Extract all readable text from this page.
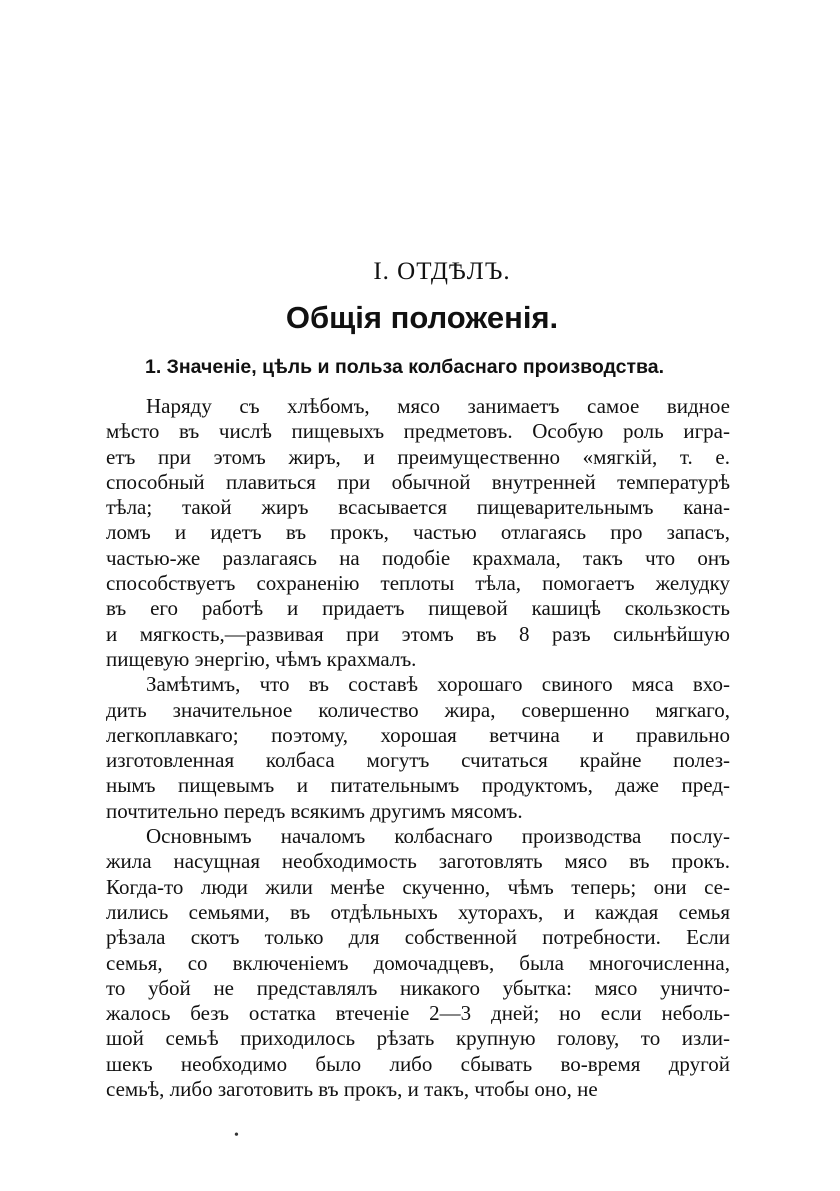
I. ОТДѢЛЪ.
Общія положенія.
1. Значеніе, цѣль и польза колбаснаго производства.
Наряду съ хлѣбомъ, мясо занимаетъ самое видное
мѣсто въ числѣ пищевыхъ предметовъ. Особую роль игра-
етъ при этомъ жиръ, и преимущественно «мягкій, т. е.
способный плавиться при обычной внутренней температурѣ
тѣла; такой жиръ всасывается пищеварительнымъ кана-
ломъ и идетъ въ прокъ, частью отлагаясь про запасъ,
частью-же разлагаясь на подобіе крахмала, такъ что онъ
способствуетъ сохраненію теплоты тѣла, помогаетъ желудку
въ его работѣ и придаетъ пищевой кашицѣ скользкость
и мягкость,—развивая при этомъ въ 8 разъ сильнѣйшую
пищевую энергію, чѣмъ крахмалъ.
Замѣтимъ, что въ составѣ хорошаго свиного мяса вхо-
дить значительное количество жира, совершенно мягкаго,
легкоплавкаго; поэтому, хорошая ветчина и правильно
изготовленная колбаса могутъ считаться крайне полез-
нымъ пищевымъ и питательнымъ продуктомъ, даже пред-
почтительно передъ всякимъ другимъ мясомъ.
Основнымъ началомъ колбаснаго производства послу-
жила насущная необходимость заготовлять мясо въ прокъ.
Когда-то люди жили менѣе скученно, чѣмъ теперь; они се-
лились семьями, въ отдѣльныхъ хуторахъ, и каждая семья
рѣзала скотъ только для собственной потребности. Если
семья, со включеніемъ домочадцевъ, была многочисленна,
то убой не представлялъ никакого убытка: мясо уничто-
жалось безъ остатка втеченіе 2—3 дней; но если неболь-
шой семьѣ приходилось рѣзать крупную голову, то изли-
шекъ необходимо было либо сбывать во-время другой
семьѣ, либо заготовить въ прокъ, и такъ, чтобы оно, не
•
